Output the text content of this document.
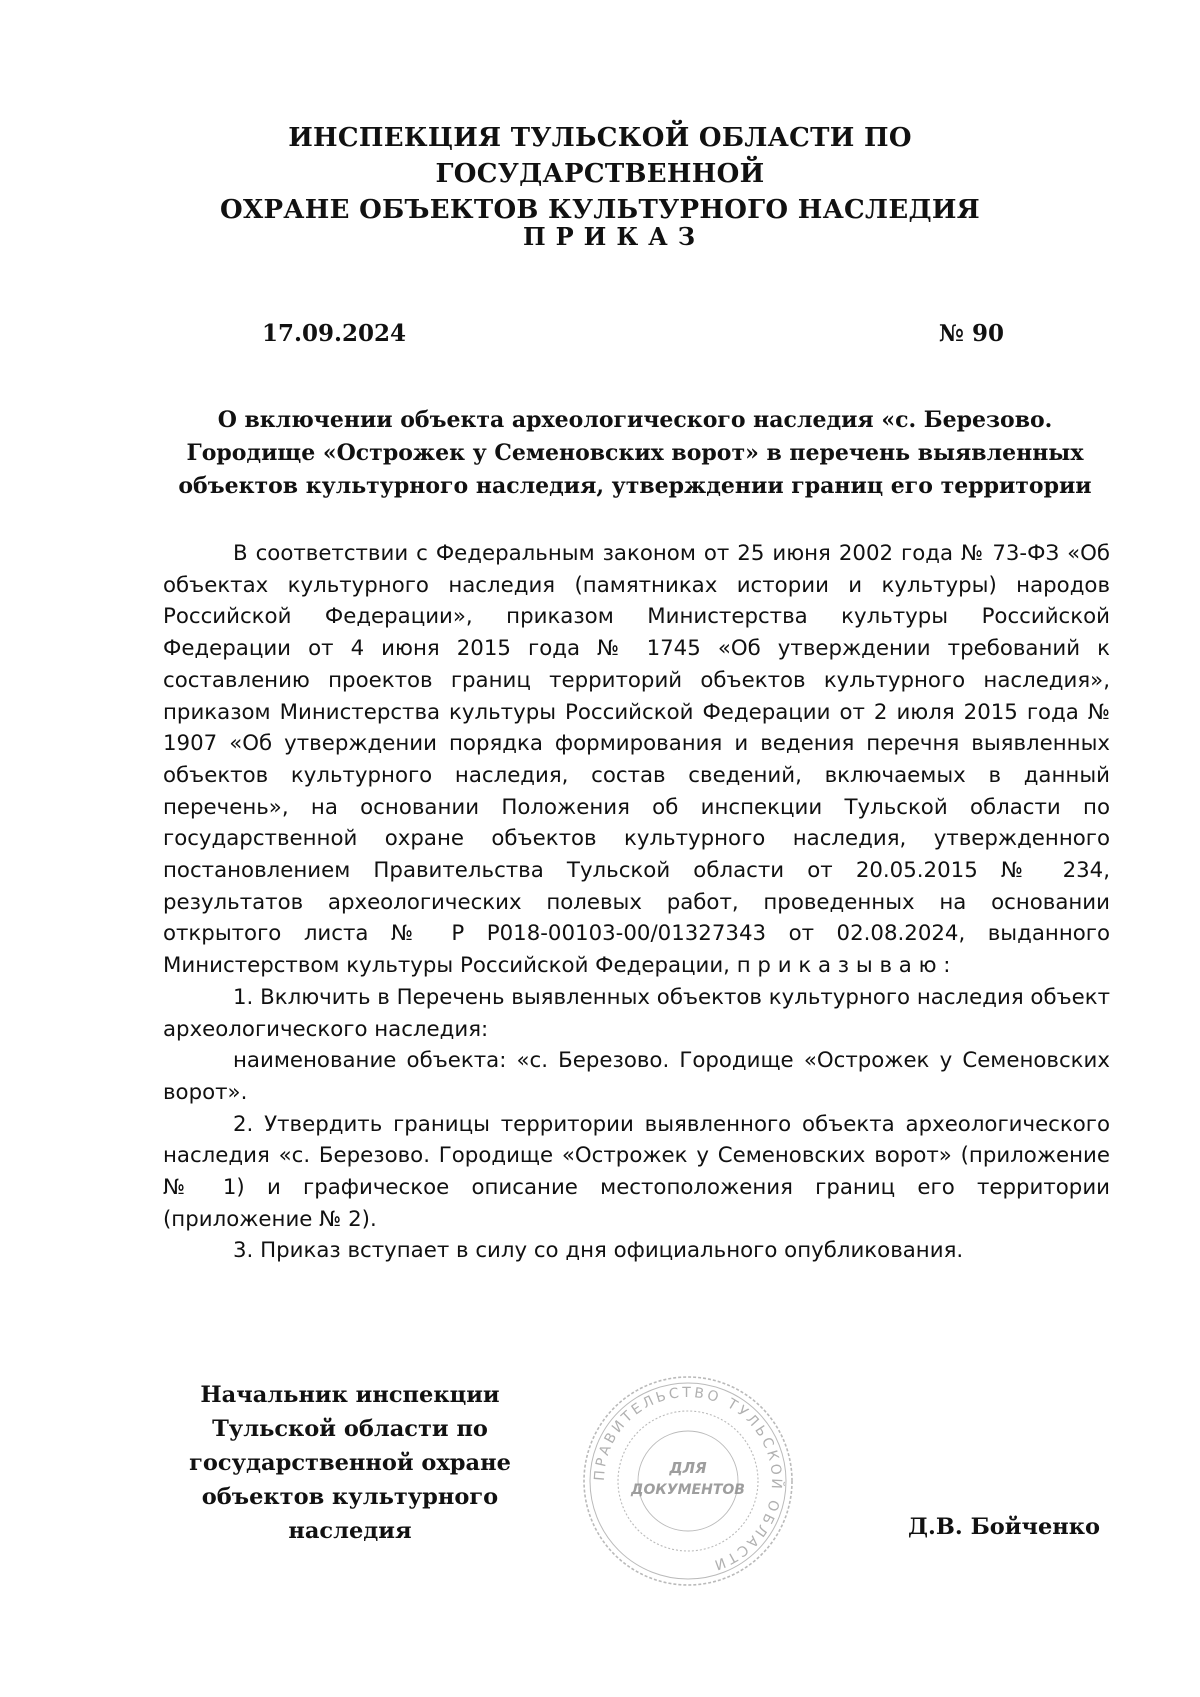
ИНСПЕКЦИЯ ТУЛЬСКОЙ ОБЛАСТИ ПО ГОСУДАРСТВЕННОЙ
ОХРАНЕ ОБЪЕКТОВ КУЛЬТУРНОГО НАСЛЕДИЯ
ПРИКАЗ
17.09.2024	№ 90
О включении объекта археологического наследия «с. Березово.
Городище «Острожек у Семеновских ворот» в перечень выявленных
объектов культурного наследия, утверждении границ его территории

В соответствии с Федеральным законом от 25 июня 2002 года № 73-ФЗ «Об объектах культурного наследия (памятниках истории и культуры) народов Российской Федерации», приказом Министерства культуры Российской Федерации от 4 июня 2015 года № 1745 «Об утверждении требований к составлению проектов границ территорий объектов культурного наследия», приказом Министерства культуры Российской Федерации от 2 июля 2015 года № 1907 «Об утверждении порядка формирования и ведения перечня выявленных объектов культурного наследия, состав сведений, включаемых в данный перечень», на основании Положения об инспекции Тульской области по государственной охране объектов культурного наследия, утвержденного постановлением Правительства Тульской области от 20.05.2015 № 234, результатов археологических полевых работ, проведенных на основании открытого листа № Р Р018-00103-00/01327343 от 02.08.2024, выданного Министерством культуры Российской Федерации, п р и к а з ы в а ю :

1. Включить в Перечень выявленных объектов культурного наследия объект археологического наследия:

наименование объекта: «с. Березово. Городище «Острожек у Семеновских ворот».

2. Утвердить границы территории выявленного объекта археологического наследия «с. Березово. Городище «Острожек у Семеновских ворот» (приложение № 1) и графическое описание местоположения границ его территории (приложение № 2).

3. Приказ вступает в силу со дня официального опубликования.

Начальник инспекции
Тульской области по
государственной охране
объектов культурного
наследия
ПРАВИТЕЛЬСТВО ТУЛЬСКОЙ ОБЛАСТИ
ДЛЯ
ДОКУМЕНТОВ
Д.В. Бойченко
